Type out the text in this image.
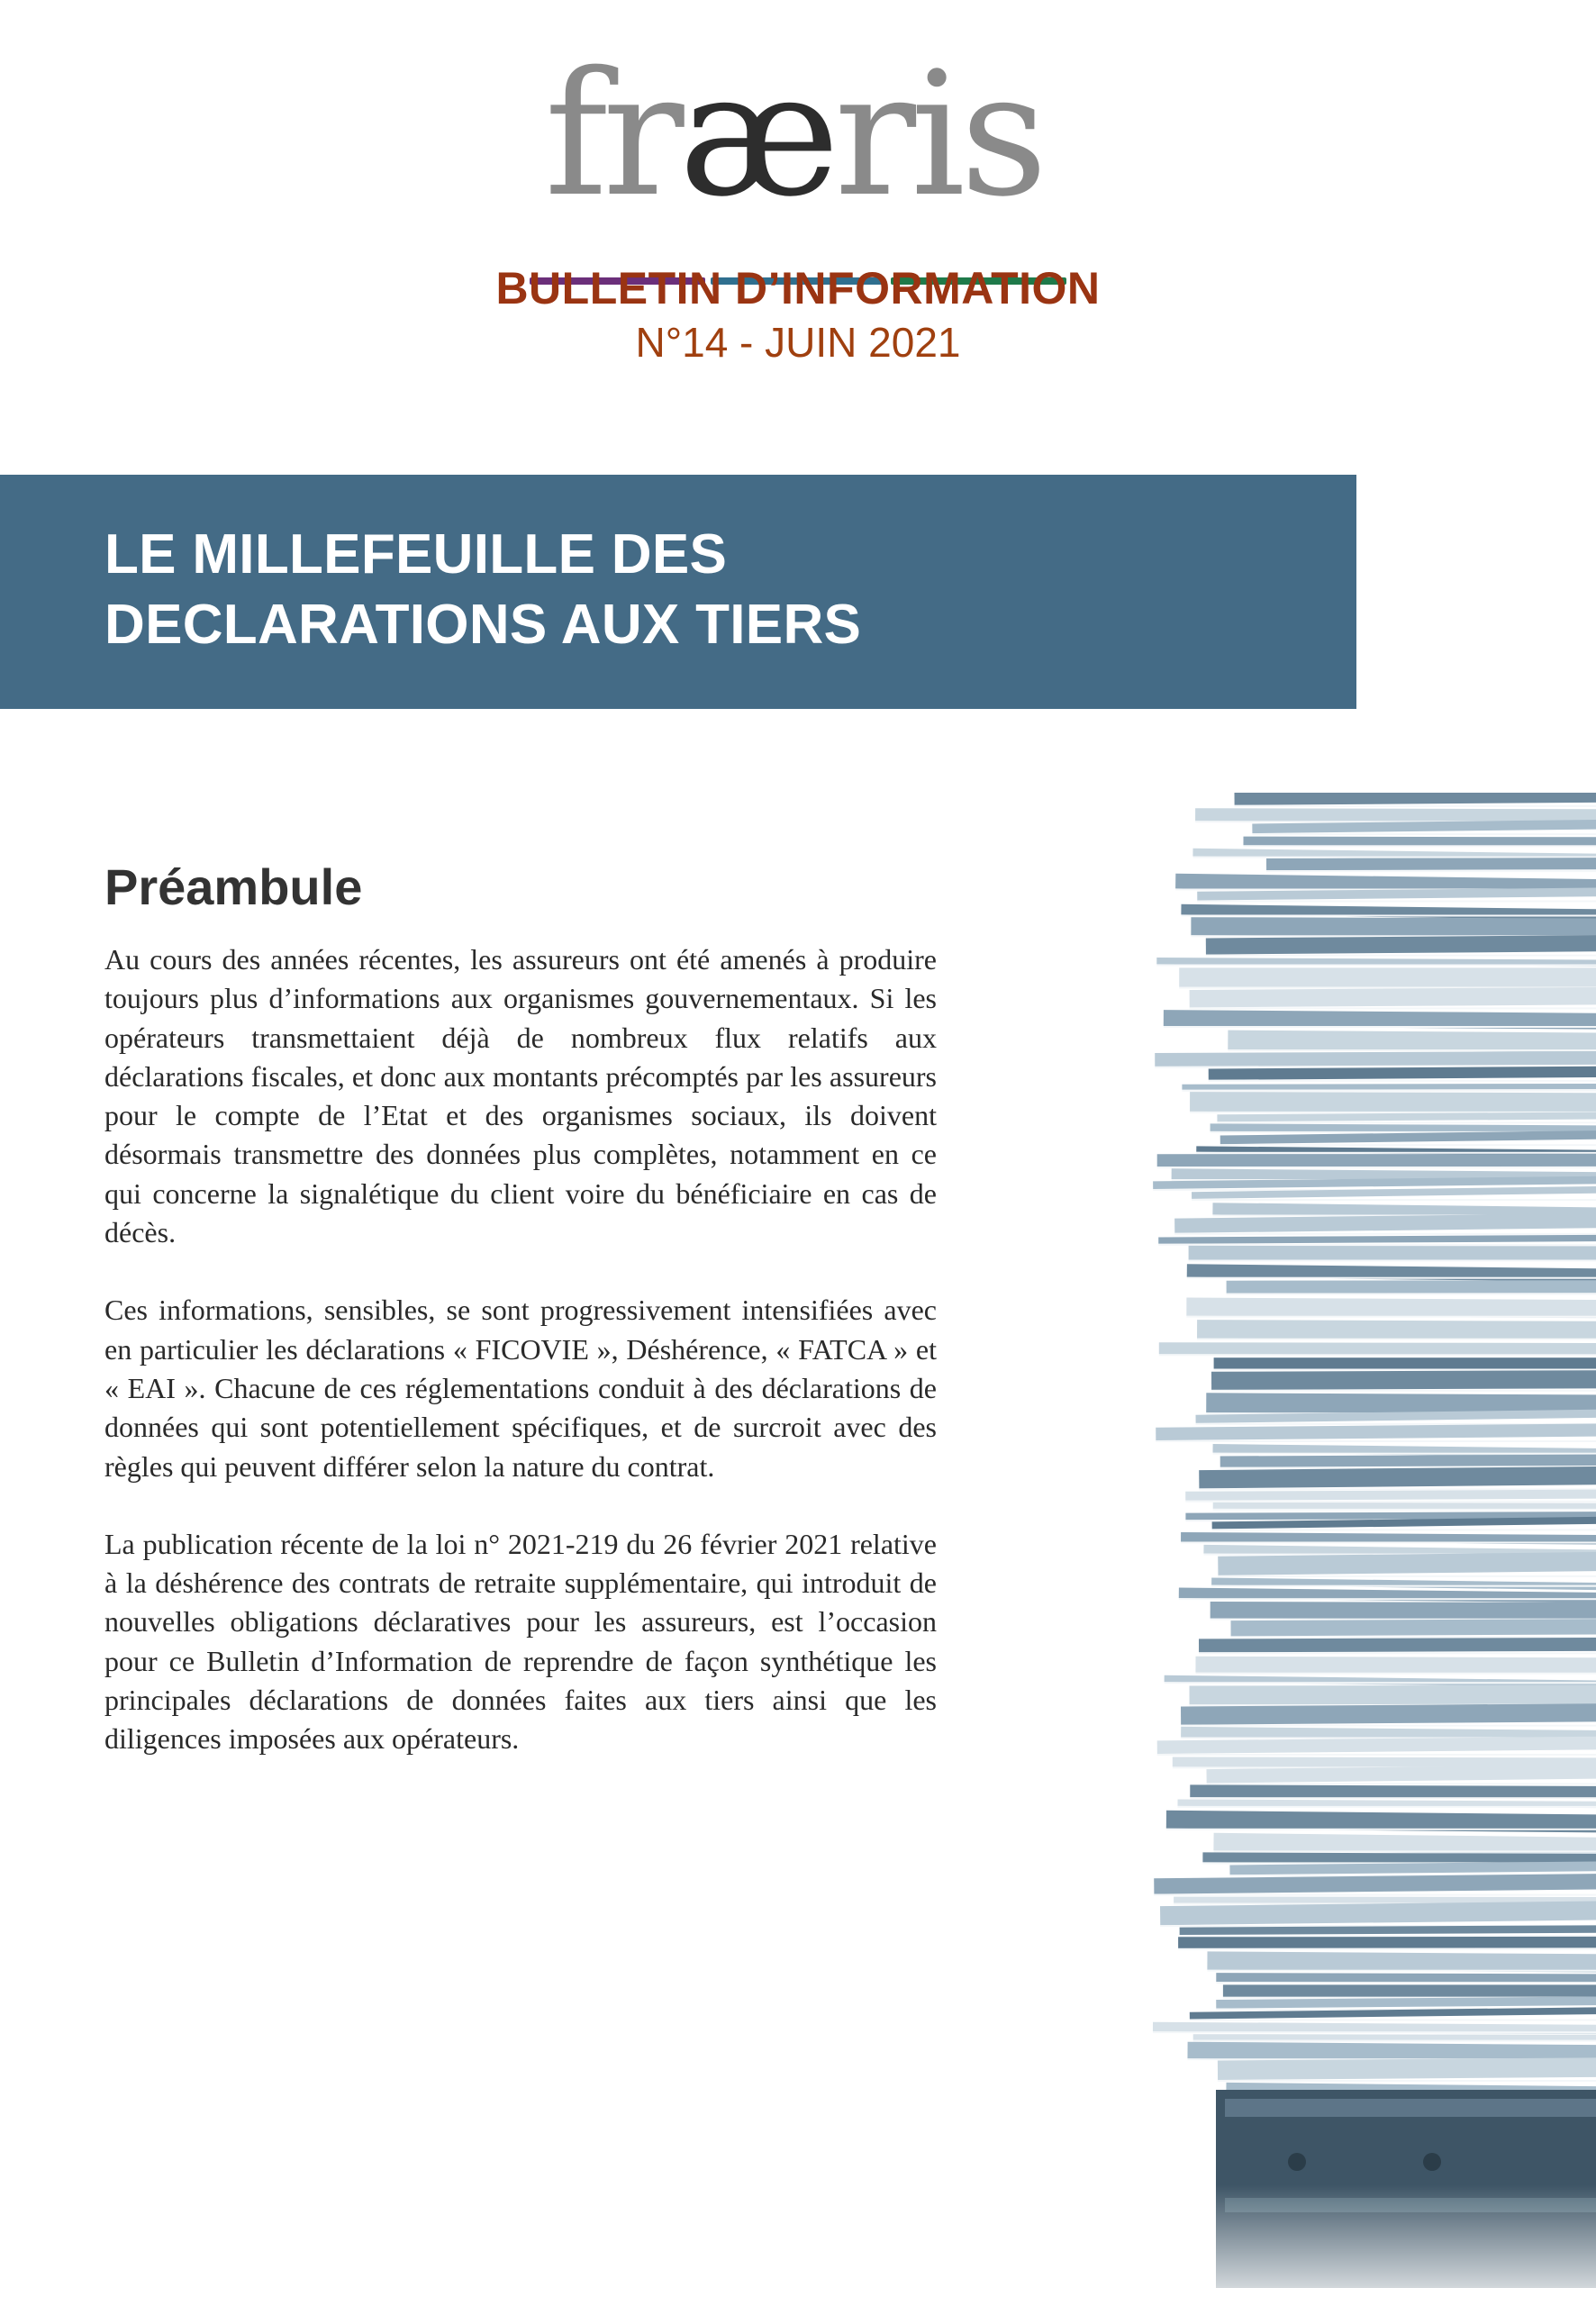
fræris
BULLETIN D’INFORMATION
N°14 - JUIN 2021
LE MILLEFEUILLE DES
DECLARATIONS AUX TIERS
Préambule

Au cours des années récentes, les assureurs ont été amenés à produire toujours plus d’informations aux organismes gouvernementaux. Si les opérateurs transmettaient déjà de nombreux flux relatifs aux déclarations fiscales, et donc aux montants précomptés par les assureurs pour le compte de l’Etat et des organismes sociaux, ils doivent désormais transmettre des données plus complètes, notamment en ce qui concerne la signalétique du client voire du bénéficiaire en cas de décès.

Ces informations, sensibles, se sont progressivement intensifiées avec en particulier les déclarations « FICOVIE », Déshérence, « FATCA » et « EAI ». Chacune de ces réglementations conduit à des déclarations de données qui sont potentiellement spécifiques, et de surcroit avec des règles qui peuvent différer selon la nature du contrat.

La publication récente de la loi n° 2021-219 du 26 février 2021 relative à la déshérence des contrats de retraite supplémentaire, qui introduit de nouvelles obligations déclaratives pour les assureurs, est l’occasion pour ce Bulletin d’Information de reprendre de façon synthétique les principales déclarations de données faites aux tiers ainsi que les diligences imposées aux opérateurs.
